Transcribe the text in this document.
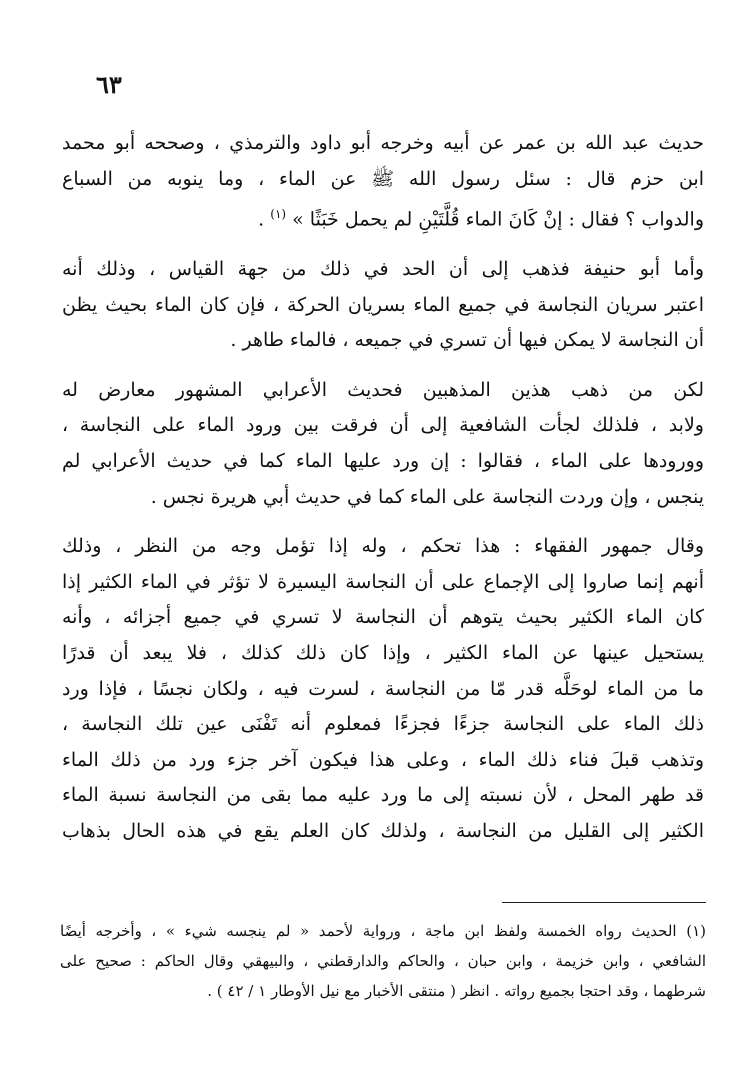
٦٣

حديث عبد الله بن عمر عن أبيه وخرجه أبو داود والترمذي ، وصححه أبو محمد
ابن حزم قال : سئل رسول الله ﷺ عن الماء ، وما ينوبه من السباع
والدواب ؟ فقال : إنْ كَانَ الماء قُلَّتَيْنِ لم يحمل خَبَثًا » $^{(١)}$ .

وأما أبو حنيفة فذهب إلى أن الحد في ذلك من جهة القياس ، وذلك أنه
اعتبر سريان النجاسة في جميع الماء بسريان الحركة ، فإن كان الماء بحيث يظن
أن النجاسة لا يمكن فيها أن تسري في جميعه ، فالماء طاهر .

لكن من ذهب هذين المذهبين فحديث الأعرابي المشهور معارض له
ولابد ، فلذلك لجأت الشافعية إلى أن فرقت بين ورود الماء على النجاسة ،
وورودها على الماء ، فقالوا : إن ورد عليها الماء كما في حديث الأعرابي لم
ينجس ، وإن وردت النجاسة على الماء كما في حديث أبي هريرة نجس .

وقال جمهور الفقهاء : هذا تحكم ، وله إذا تؤمل وجه من النظر ، وذلك
أنهم إنما صاروا إلى الإجماع على أن النجاسة اليسيرة لا تؤثر في الماء الكثير إذا
كان الماء الكثير بحيث يتوهم أن النجاسة لا تسري في جميع أجزائه ، وأنه
يستحيل عينها عن الماء الكثير ، وإذا كان ذلك كذلك ، فلا يبعد أن قدرًا
ما من الماء لوحَلَّه قدر مّا من النجاسة ، لسرت فيه ، ولكان نجسًا ، فإذا ورد
ذلك الماء على النجاسة جزءًا فجزءًا فمعلوم أنه تَفْنَى عين تلك النجاسة ،
وتذهب قبلَ فناء ذلك الماء ، وعلى هذا فيكون آخر جزء ورد من ذلك الماء
قد طهر المحل ، لأن نسبته إلى ما ورد عليه مما بقى من النجاسة نسبة الماء
الكثير إلى القليل من النجاسة ، ولذلك كان العلم يقع في هذه الحال بذهاب

(١) الحديث رواه الخمسة ولفظ ابن ماجة ، ورواية لأحمد « لم ينجسه شيء » ، وأخرجه أيضًا
الشافعي ، وابن خزيمة ، وابن حبان ، والحاكم والدارقطني ، والبيهقي وقال الحاكم : صحيح على
شرطهما ، وقد احتجا بجميع رواته . انظر ( منتقى الأخبار مع نيل الأوطار ١ / ٤٢ ) .
